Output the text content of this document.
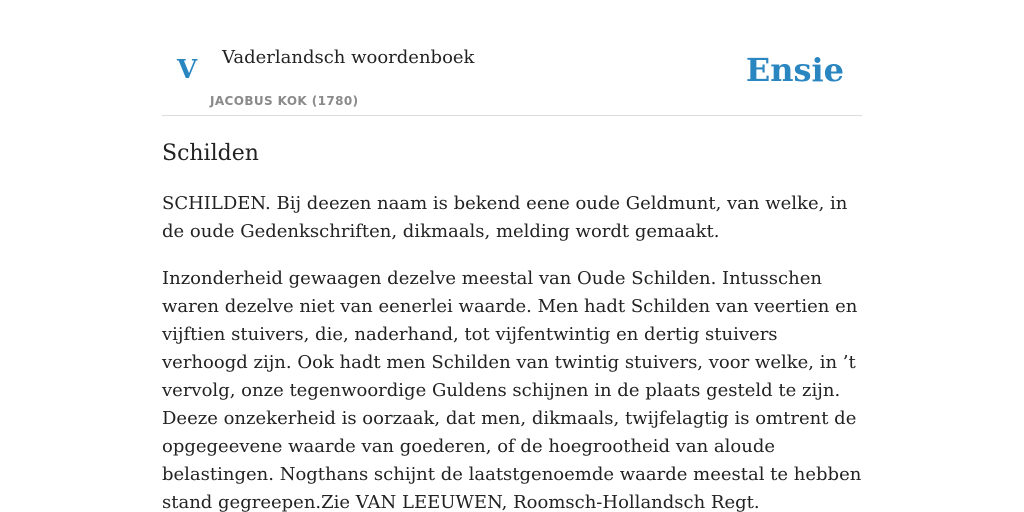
V Vaderlandsch woordenboek
JACOBUS KOK (1780)
Ensie
Schilden

SCHILDEN. Bij deezen naam is bekend eene oude Geldmunt, van welke, in de oude Gedenkschriften, dikmaals, melding wordt gemaakt.

Inzonderheid gewaagen dezelve meestal van Oude Schilden. Intusschen waren dezelve niet van eenerlei waarde. Men hadt Schilden van veertien en vijftien stuivers, die, naderhand, tot vijfentwintig en dertig stuivers verhoogd zijn. Ook hadt men Schilden van twintig stuivers, voor welke, in ’t vervolg, onze tegenwoordige Guldens schijnen in de plaats gesteld te zijn. Deeze onzekerheid is oorzaak, dat men, dikmaals, twijfelagtig is omtrent de opgegeevene waarde van goederen, of de hoegrootheid van aloude belastingen. Nogthans schijnt de laatstgenoemde waarde meestal te hebben stand gegreepen.Zie VAN LEEUWEN, Roomsch-Hollandsch Regt.
